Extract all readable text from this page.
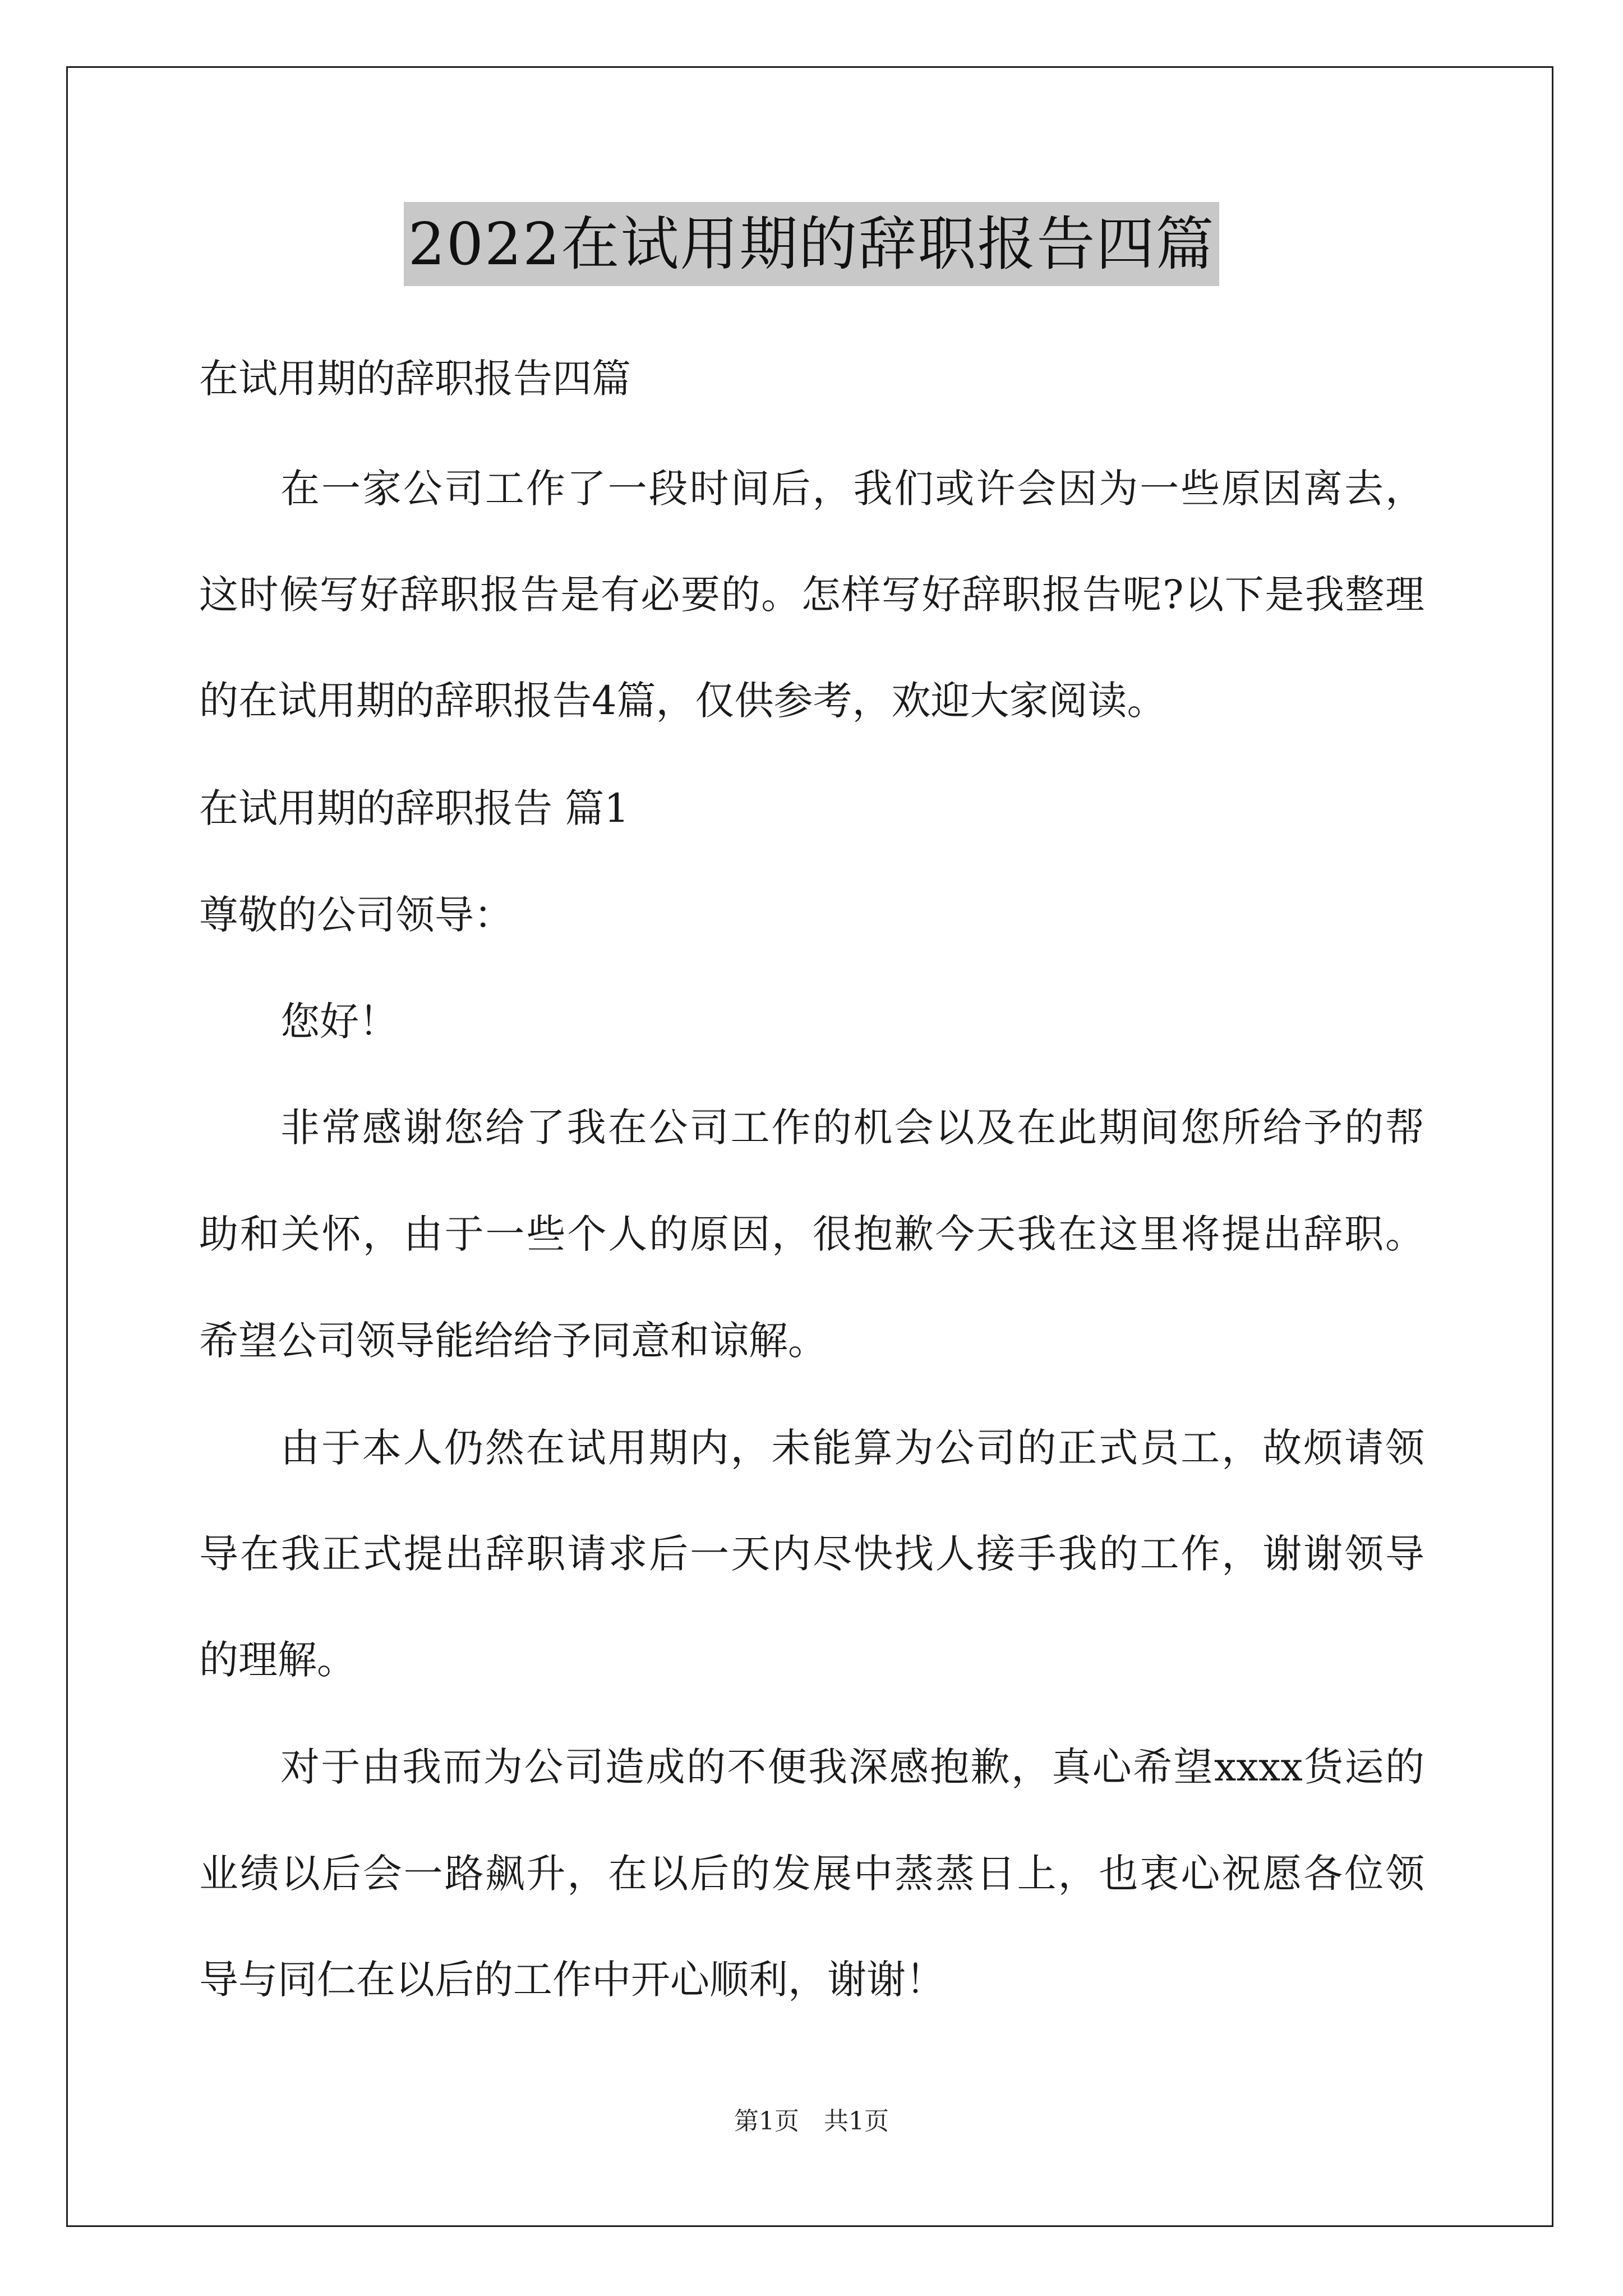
2022在试用期的辞职报告四篇
在试用期的辞职报告四篇
在一家公司工作了一段时间后，我们或许会因为一些原因离去，
这时候写好辞职报告是有必要的。怎样写好辞职报告呢?以下是我整理
的在试用期的辞职报告4篇，仅供参考，欢迎大家阅读。
在试用期的辞职报告 篇1
尊敬的公司领导：
您好！
非常感谢您给了我在公司工作的机会以及在此期间您所给予的帮
助和关怀，由于一些个人的原因，很抱歉今天我在这里将提出辞职。
希望公司领导能给给予同意和谅解。
由于本人仍然在试用期内，未能算为公司的正式员工，故烦请领
导在我正式提出辞职请求后一天内尽快找人接手我的工作，谢谢领导
的理解。
对于由我而为公司造成的不便我深感抱歉，真心希望xxxx货运的
业绩以后会一路飙升，在以后的发展中蒸蒸日上，也衷心祝愿各位领
导与同仁在以后的工作中开心顺利，谢谢！
第1页 共1页
